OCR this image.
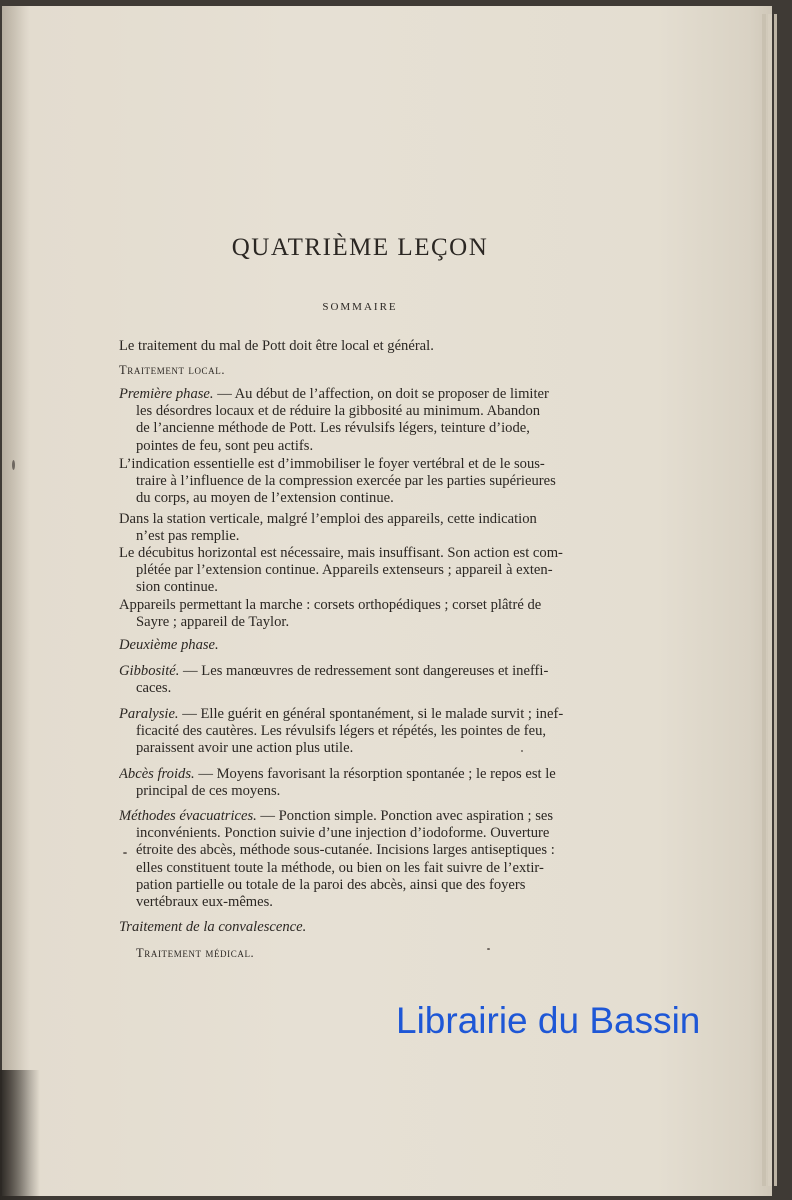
QUATRIÈME LEÇON
SOMMAIRE

Le traitement du mal de Pott doit être local et général.

Traitement local.

Première phase. — Au début de l’affection, on doit se proposer de limiter
les désordres locaux et de réduire la gibbosité au minimum. Abandon
de l’ancienne méthode de Pott. Les révulsifs légers, teinture d’iode,
pointes de feu, sont peu actifs.

L’indication essentielle est d’immobiliser le foyer vertébral et de le sous-
traire à l’influence de la compression exercée par les parties supérieures
du corps, au moyen de l’extension continue.

Dans la station verticale, malgré l’emploi des appareils, cette indication
n’est pas remplie.

Le décubitus horizontal est nécessaire, mais insuffisant. Son action est com-
plétée par l’extension continue. Appareils extenseurs ; appareil à exten-
sion continue.

Appareils permettant la marche : corsets orthopédiques ; corset plâtré de
Sayre ; appareil de Taylor.

Deuxième phase.

Gibbosité. — Les manœuvres de redressement sont dangereuses et ineffi-
caces.

Paralysie. — Elle guérit en général spontanément, si le malade survit ; inef-
ficacité des cautères. Les révulsifs légers et répétés, les pointes de feu,
paraissent avoir une action plus utile.

Abcès froids. — Moyens favorisant la résorption spontanée ; le repos est le
principal de ces moyens.

Méthodes évacuatrices. — Ponction simple. Ponction avec aspiration ; ses
inconvénients. Ponction suivie d’une injection d’iodoforme. Ouverture
étroite des abcès, méthode sous-cutanée. Incisions larges antiseptiques :
elles constituent toute la méthode, ou bien on les fait suivre de l’extir-
pation partielle ou totale de la paroi des abcès, ainsi que des foyers
vertébraux eux-mêmes.

Traitement de la convalescence.

Traitement médical.

Librairie du Bassin
